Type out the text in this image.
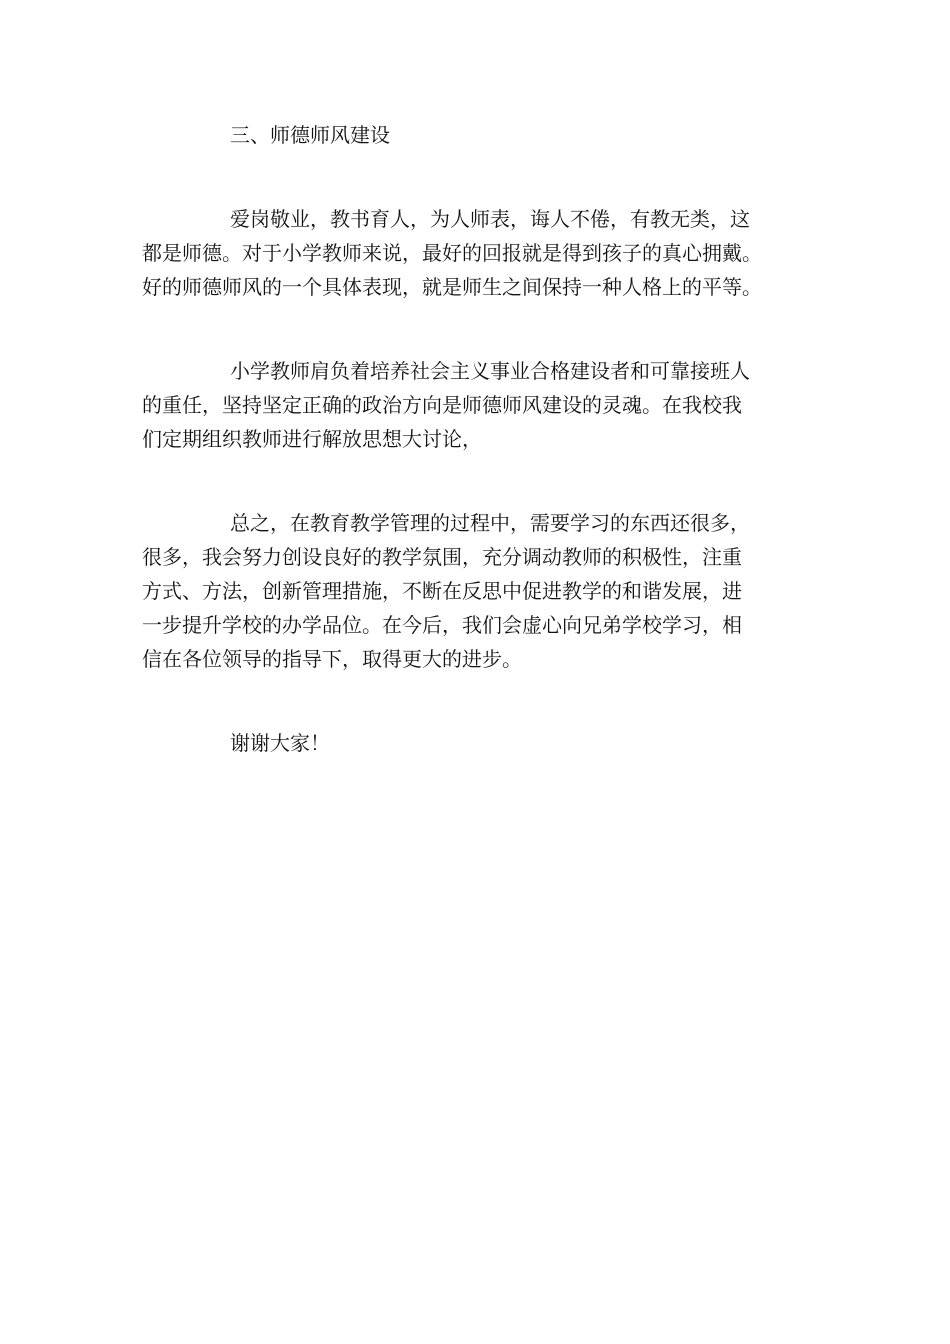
三、师德师风建设
爱岗敬业，教书育人，为人师表，诲人不倦，有教无类，这
都是师德。对于小学教师来说，最好的回报就是得到孩子的真心拥戴。
好的师德师风的一个具体表现，就是师生之间保持一种人格上的平等。
小学教师肩负着培养社会主义事业合格建设者和可靠接班人
的重任，坚持坚定正确的政治方向是师德师风建设的灵魂。在我校我
们定期组织教师进行解放思想大讨论，
总之，在教育教学管理的过程中，需要学习的东西还很多，
很多，我会努力创设良好的教学氛围，充分调动教师的积极性，注重
方式、方法，创新管理措施，不断在反思中促进教学的和谐发展，进
一步提升学校的办学品位。在今后，我们会虚心向兄弟学校学习，相
信在各位领导的指导下，取得更大的进步。
谢谢大家！
